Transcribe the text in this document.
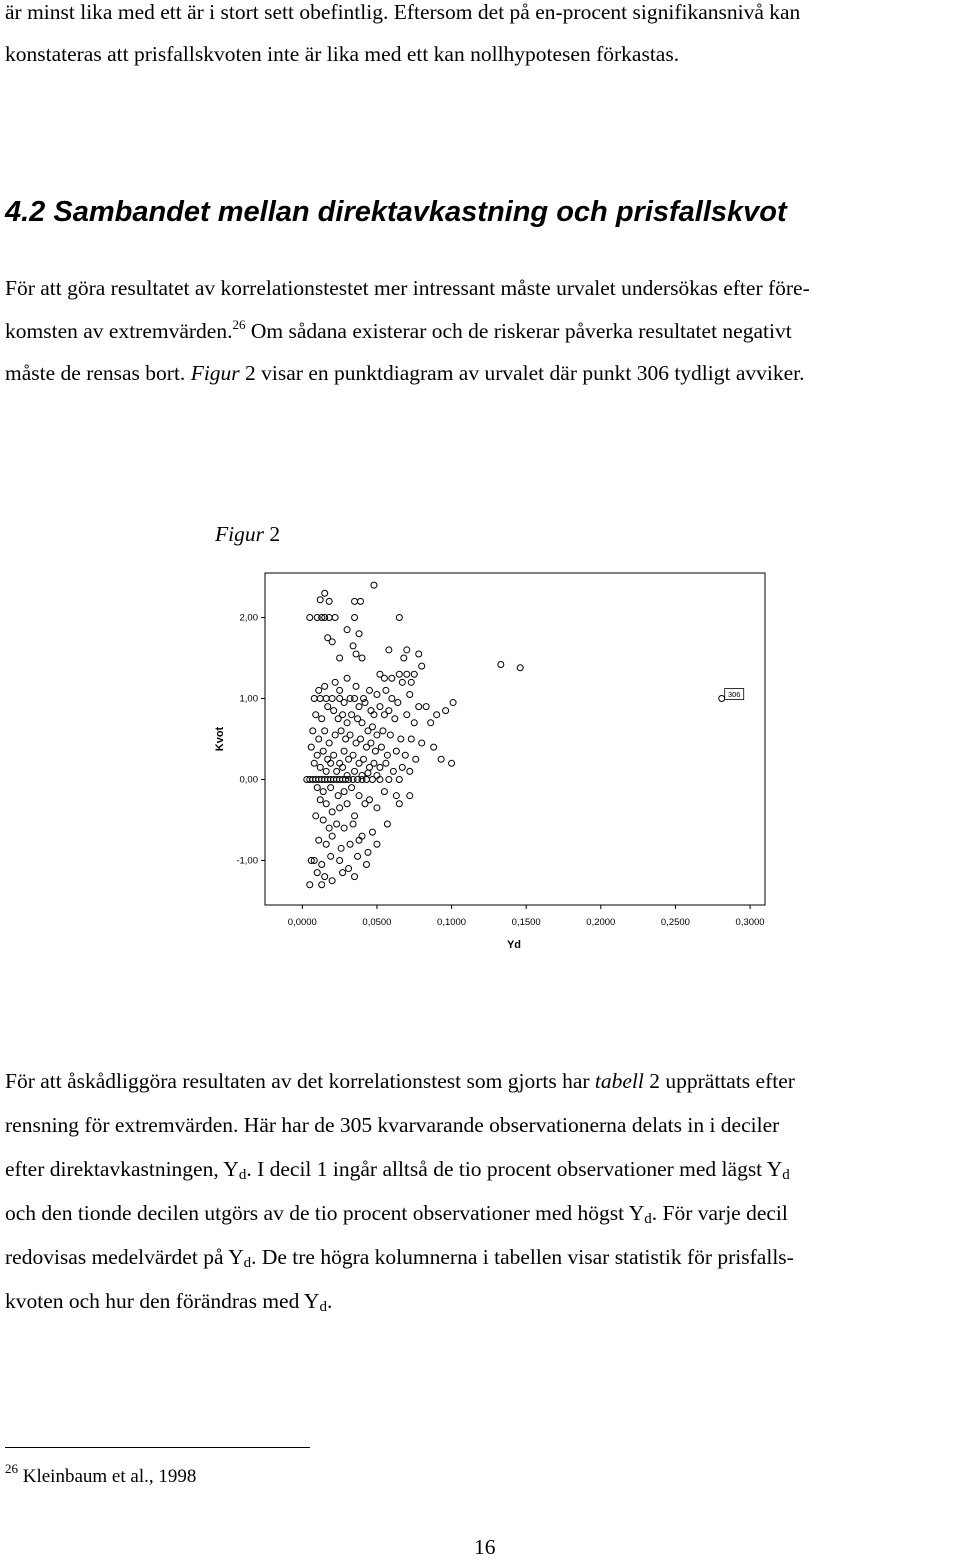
är minst lika med ett är i stort sett obefintlig. Eftersom det på en-procent signifikansnivå kan
konstateras att prisfallskvoten inte är lika med ett kan nollhypotesen förkastas.
4.2 Sambandet mellan direktavkastning och prisfallskvot
För att göra resultatet av korrelationstestet mer intressant måste urvalet undersökas efter före-
komsten av extremvärden.$^{26}$ Om sådana existerar och de riskerar påverka resultatet negativt
måste de rensas bort. Figur 2 visar en punktdiagram av urvalet där punkt 306 tydligt avviker.
Figur 2
2,00
1,00
0,00
-1,00
0,0000	0,0500	0,1000	0,1500	0,2000	0,2500	0,3000
306
Yd
Kvot
För att åskådliggöra resultaten av det korrelationstest som gjorts har tabell 2 upprättats efter
rensning för extremvärden. Här har de 305 kvarvarande observationerna delats in i deciler
efter direktavkastningen, $Y_d$. I decil 1 ingår alltså de tio procent observationer med lägst $Y_d$
och den tionde decilen utgörs av de tio procent observationer med högst $Y_d$. För varje decil
redovisas medelvärdet på $Y_d$. De tre högra kolumnerna i tabellen visar statistik för prisfalls-
kvoten och hur den förändras med $Y_d$.
$^{26}$ Kleinbaum et al., 1998
16
